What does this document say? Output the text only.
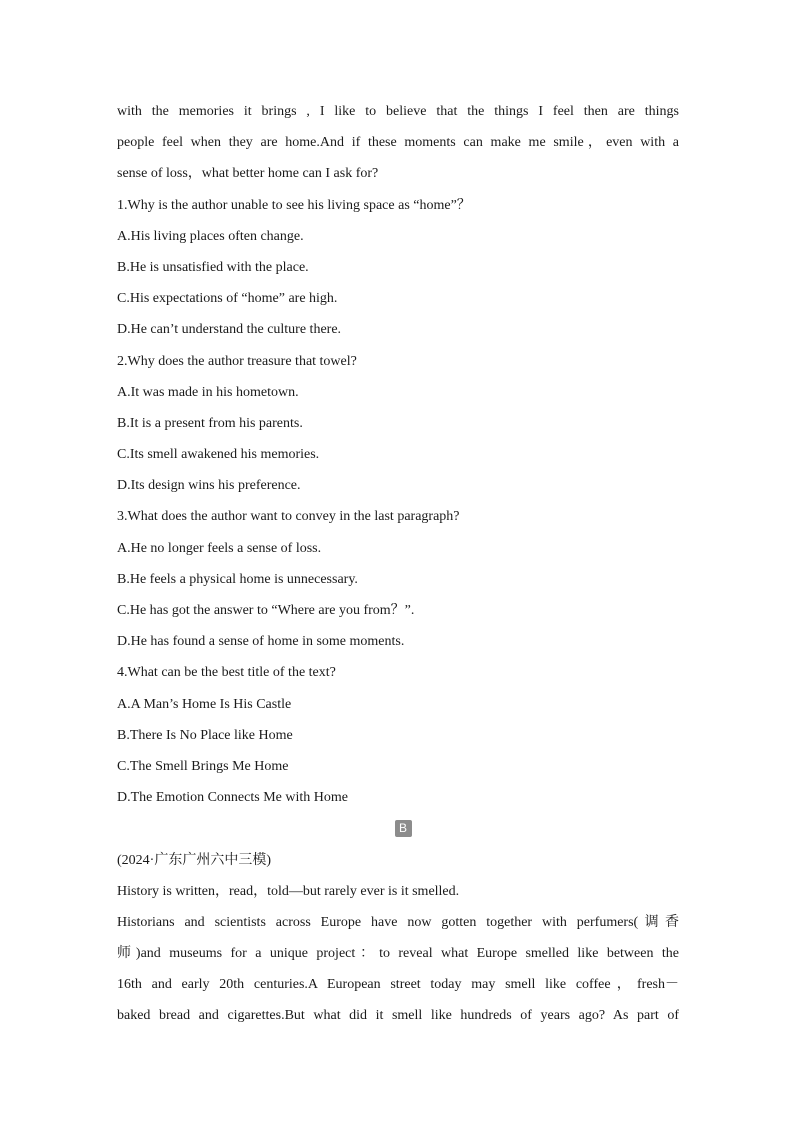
with the memories it brings , I like to believe that the things I feel then are things
people feel when they are home.And if these moments can make me smile，even with a
sense of loss，what better home can I ask for?
1.Why is the author unable to see his living space as “home”？
A.His living places often change.
B.He is unsatisfied with the place.
C.His expectations of “home” are high.
D.He can’t understand the culture there.
2.Why does the author treasure that towel?
A.It was made in his hometown.
B.It is a present from his parents.
C.Its smell awakened his memories.
D.Its design wins his preference.
3.What does the author want to convey in the last paragraph?
A.He no longer feels a sense of loss.
B.He feels a physical home is unnecessary.
C.He has got the answer to “Where are you from？”.
D.He has found a sense of home in some moments.
4.What can be the best title of the text?
A.A Man’s Home Is His Castle
B.There Is No Place like Home
C.The Smell Brings Me Home
D.The Emotion Connects Me with Home
B
(2024·广东广州六中三模)
History is written，read，told—but rarely ever is it smelled.
Historians and scientists across Europe have now gotten together with perfumers(调香
师)and museums for a unique project：to reveal what Europe smelled like between the
16th and early 20th centuries.A European street today may smell like coffee，fresh－
baked bread and cigarettes.But what did it smell like hundreds of years ago? As part of
